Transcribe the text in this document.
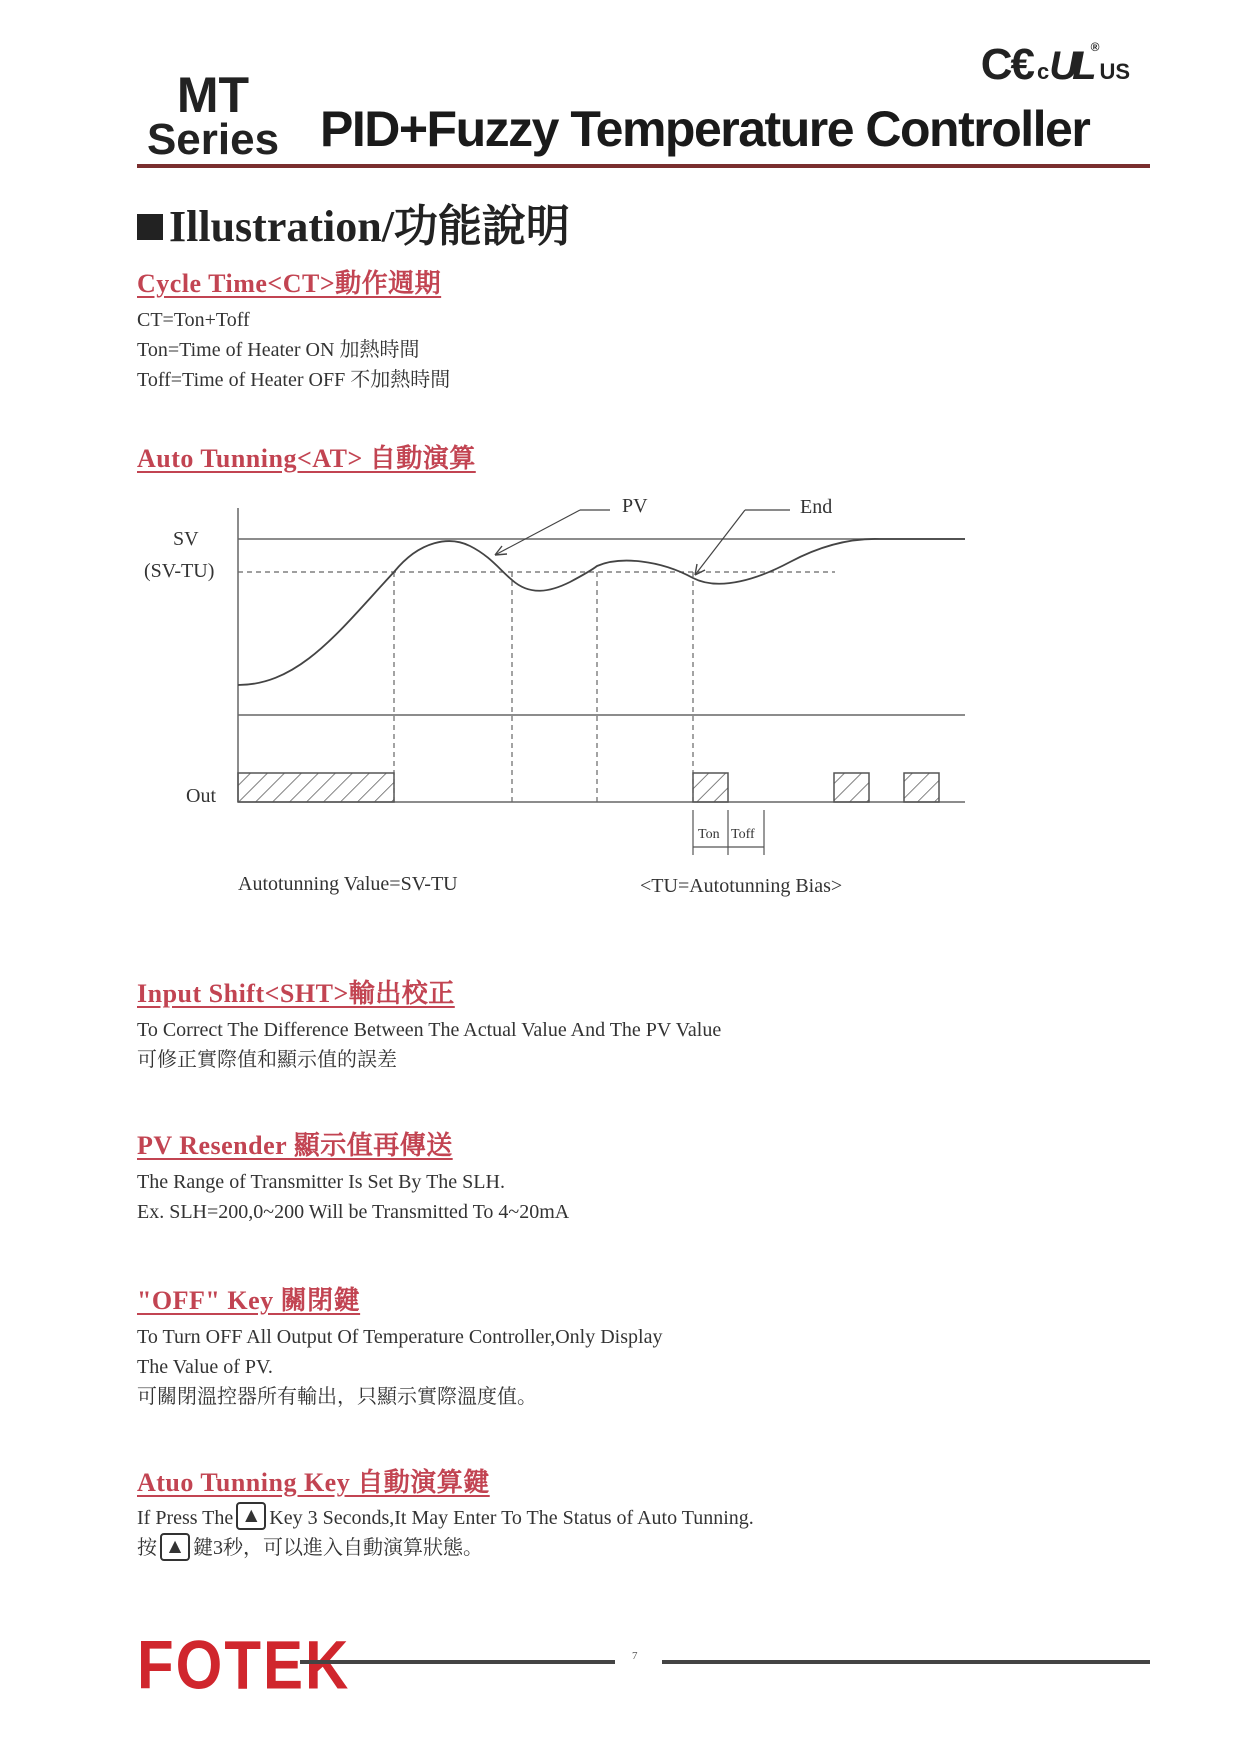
C€ cUL®US
MT
Series PID+Fuzzy Temperature Controller
Illustration/功能說明
Cycle Time<CT>動作週期
CT=Ton+Toff
Ton=Time of Heater ON 加熱時間
Toff=Time of Heater OFF 不加熱時間
Auto Tunning<AT> 自動演算
PV	End
SV
(SV-TU)
Out
Ton Toff
Autotunning Value=SV-TU	<TU=Autotunning Bias>
Input Shift<SHT>輸出校正
To Correct The Difference Between The Actual Value And The PV Value
可修正實際值和顯示值的誤差
PV Resender 顯示值再傳送
The Range of Transmitter Is Set By The SLH.
Ex. SLH=200,0~200 Will be Transmitted To 4~20mA
"OFF" Key 關閉鍵
To Turn OFF All Output Of Temperature Controller,Only Display
The Value of PV.
可關閉溫控器所有輸出，只顯示實際溫度值。
Atuo Tunning Key 自動演算鍵
If Press The ▲ Key 3 Seconds,It May Enter To The Status of Auto Tunning.
按 ▲ 鍵3秒，可以進入自動演算狀態。
FOTEK	7
